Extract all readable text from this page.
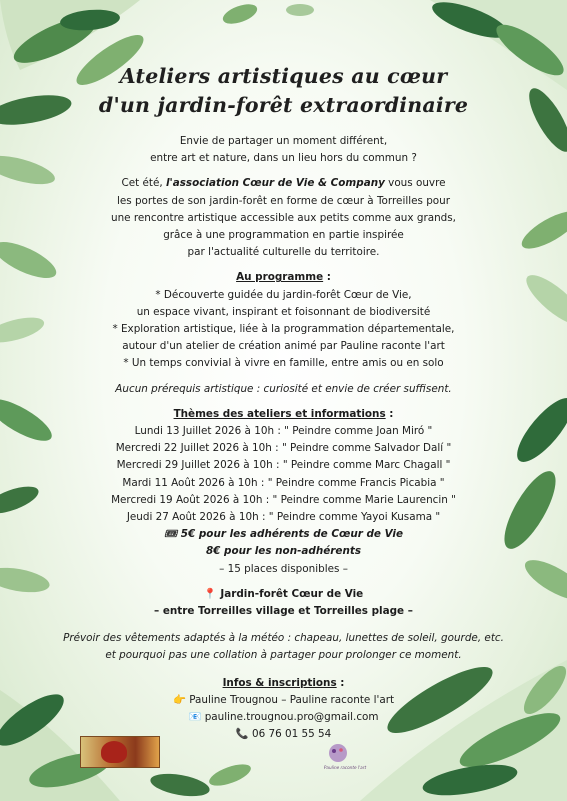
Ateliers artistiques au cœur
d'un jardin-forêt extraordinaire

Envie de partager un moment différent,

entre art et nature, dans un lieu hors du commun ?

Cet été, l'association Cœur de Vie & Company vous ouvre

les portes de son jardin-forêt en forme de cœur à Torreilles pour

une rencontre artistique accessible aux petits comme aux grands,

grâce à une programmation en partie inspirée

par l'actualité culturelle du territoire.

Au programme :

* Découverte guidée du jardin-forêt Cœur de Vie,

un espace vivant, inspirant et foisonnant de biodiversité

* Exploration artistique, liée à la programmation départementale,

autour d'un atelier de création animé par Pauline raconte l'art

* Un temps convivial à vivre en famille, entre amis ou en solo

Aucun prérequis artistique : curiosité et envie de créer suffisent.

Thèmes des ateliers et informations :

Lundi 13 Juillet 2026 à 10h : " Peindre comme Joan Miró "

Mercredi 22 Juillet 2026 à 10h : " Peindre comme Salvador Dalí "

Mercredi 29 Juillet 2026 à 10h : " Peindre comme Marc Chagall "

Mardi 11 Août 2026 à 10h : " Peindre comme Francis Picabia "

Mercredi 19 Août 2026 à 10h : " Peindre comme Marie Laurencin "

Jeudi 27 Août 2026 à 10h : " Peindre comme Yayoi Kusama "

🎟 5€ pour les adhérents de Cœur de Vie

8€ pour les non-adhérents

– 15 places disponibles –

📍 Jardin-forêt Cœur de Vie

– entre Torreilles village et Torreilles plage –

Prévoir des vêtements adaptés à la météo : chapeau, lunettes de soleil, gourde, etc.

et pourquoi pas une collation à partager pour prolonger ce moment.

Infos & inscriptions :

👉 Pauline Trougnou – Pauline raconte l'art

📧 pauline.trougnou.pro@gmail.com

📞 06 76 01 55 54

Pauline raconte l'art
